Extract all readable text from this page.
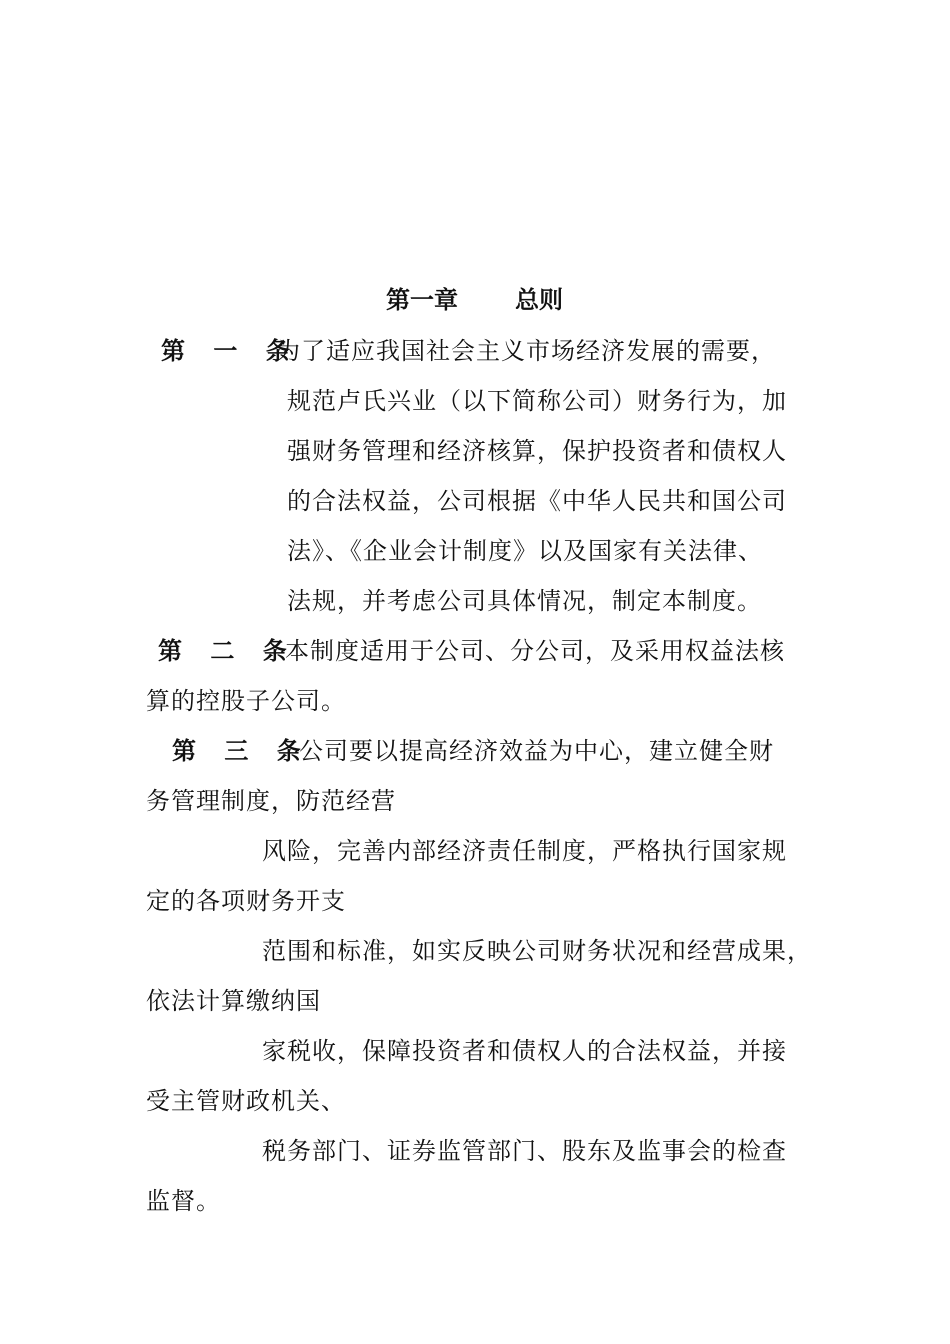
第一章 总则
第 一 条
为了适应我国社会主义市场经济发展的需要，
规范卢氏兴业（以下简称公司）财务行为，加
强财务管理和经济核算，保护投资者和债权人
的合法权益，公司根据《中华人民共和国公司
法》、《企业会计制度》以及国家有关法律、
法规，并考虑公司具体情况，制定本制度。
第 二 条
本制度适用于公司、分公司，及采用权益法核
算的控股子公司。
第 三 条
公司要以提高经济效益为中心，建立健全财
务管理制度，防范经营
风险，完善内部经济责任制度，严格执行国家规
定的各项财务开支
范围和标准，如实反映公司财务状况和经营成果，
依法计算缴纳国
家税收，保障投资者和债权人的合法权益，并接
受主管财政机关、
税务部门、证券监管部门、股东及监事会的检查
监督。
